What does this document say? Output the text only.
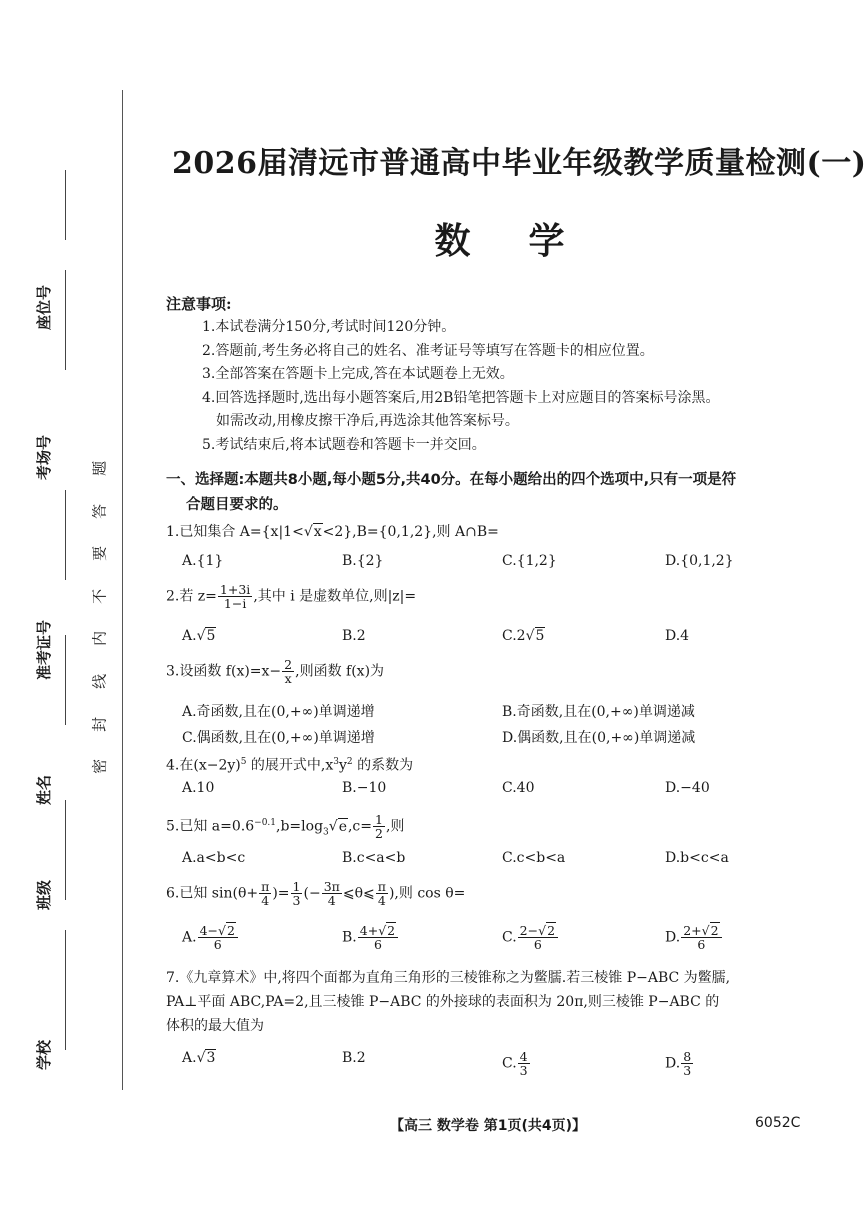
座位号
考场号
准考证号
姓名
班级
学校
题
答
要
不
内
线
封
密
2026届清远市普通高中毕业年级教学质量检测(一)
数学
注意事项:
1.本试卷满分150分,考试时间120分钟。
2.答题前,考生务必将自己的姓名、准考证号等填写在答题卡的相应位置。
3.全部答案在答题卡上完成,答在本试题卷上无效。
4.回答选择题时,选出每小题答案后,用2B铅笔把答题卡上对应题目的答案标号涂黑。
如需改动,用橡皮擦干净后,再选涂其他答案标号。
5.考试结束后,将本试题卷和答题卡一并交回。
一、选择题:本题共8小题,每小题5分,共40分。在每小题给出的四个选项中,只有一项是符
合题目要求的。
1.已知集合 A={x|1<√x<2},B={0,1,2},则 A∩B=
A.{1}	B.{2}	C.{1,2}	D.{0,1,2}
2.若 $z= \frac{1+3i}{1-i}$ ,其中 i 是虚数单位,则|z|=
A.√5	B.2	C.2√5	D.4
3.设函数 $f(x)=x- \frac{2}{x}$ ,则函数 f(x)为
A.奇函数,且在(0,+∞)单调递增	B.奇函数,且在(0,+∞)单调递减
C.偶函数,且在(0,+∞)单调递增	D.偶函数,且在(0,+∞)单调递减
4.在$(x-2y)^5$ 的展开式中$,x^3y^2$ 的系数为
A.10	B.−10	C.40	D.−40
5.已知 $a=0.6^{-0.1},b=\log_3√e,c= \frac{1}{2}$ ,则
A.a<b<c	B.c<a<b	C.c<b<a	D.b<c<a
6.已知 $\sin(\theta+ \frac{\pi}{4}$ )= $\frac{1}{3}$ (− $\frac{3\pi}{4}$ ⩽θ⩽ $\frac{\pi}{4}$ ),则 cos θ=
A. $\frac{4-√2}{6}$	B. $\frac{4+√2}{6}$	C. $\frac{2-√2}{6}$	D. $\frac{2+√2}{6}$
7.《九章算术》中,将四个面都为直角三角形的三棱锥称之为鳖臑.若三棱锥 P−ABC 为鳖臑,
PA⊥平面 ABC,PA=2,且三棱锥 P−ABC 的外接球的表面积为 20π,则三棱锥 P−ABC 的
体积的最大值为
A.√3	B.2	C. $\frac{4}{3}$	D. $\frac{8}{3}$
【高三 数学卷 第1页(共4页)】	6052C
